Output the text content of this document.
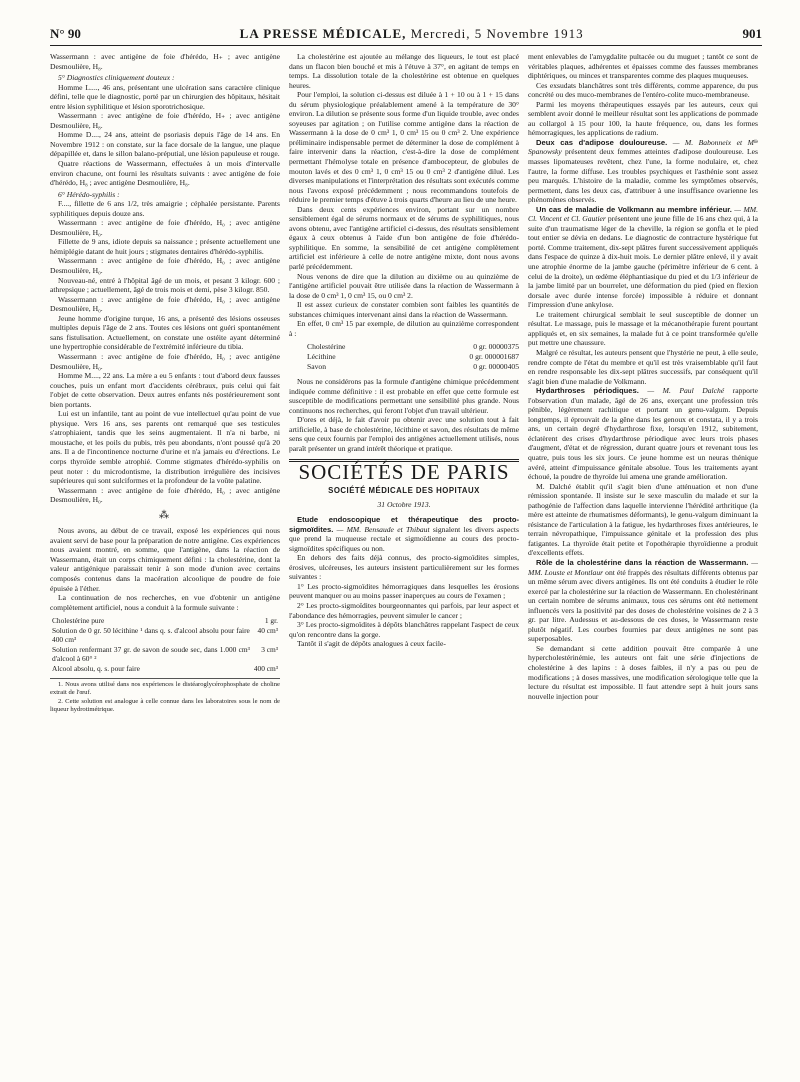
N° 90	LA PRESSE MÉDICALE, Mercredi, 5 Novembre 1913	901

Wassermann : avec antigène de foie d'hérédo, H₊ ; avec antigène Desmoulière, H₈.

5° Diagnostics cliniquement douteux :

Homme L...., 46 ans, présentant une ulcération sans caractère clinique défini, telle que le diagnostic, porté par un chirurgien des hôpitaux, hésitait entre lésion syphilitique et lésion sporotrichosique.

Wassermann : avec antigène de foie d'hérédo, H₊ ; avec antigène Desmoulière, H₈.

Homme D...., 24 ans, atteint de psoriasis depuis l'âge de 14 ans. En Novembre 1912 : on constate, sur la face dorsale de la langue, une plaque dépapillée et, dans le sillon balano-préputial, une lésion papuleuse et rouge.

Quatre réactions de Wassermann, effectuées à un mois d'intervalle environ chacune, ont fourni les résultats suivants : avec antigène de foie d'hérédo, H₈ ; avec antigène Desmoulière, H₈.

6° Hérédo-syphilis :

F...., fillette de 6 ans 1/2, très amaigrie ; céphalée persistante. Parents syphilitiques depuis douze ans.

Wassermann : avec antigène de foie d'hérédo, H₀ ; avec antigène Desmoulière, H₀.

Fillette de 9 ans, idiote depuis sa naissance ; présente actuellement une hémiplégie datant de huit jours ; stigmates dentaires d'hérédo-syphilis.

Wassermann : avec antigène de foie d'hérédo, H₀ ; avec antigène Desmoulière, H₀.

Nouveau-né, entré à l'hôpital âgé de un mois, et pesant 3 kilogr. 600 ; athrepsique ; actuellement, âgé de trois mois et demi, pèse 3 kilogr. 850.

Wassermann : avec antigène de foie d'hérédo, H₀ ; avec antigène Desmoulière, H₀.

Jeune homme d'origine turque, 16 ans, a présenté des lésions osseuses multiples depuis l'âge de 2 ans. Toutes ces lésions ont guéri spontanément sans fistulisation. Actuellement, on constate une ostéite ayant déterminé une hypertrophie considérable de l'extrémité inférieure du tibia.

Wassermann : avec antigène de foie d'hérédo, H₀ ; avec antigène Desmoulière, H₀.

Homme M...., 22 ans. La mère a eu 5 enfants : tout d'abord deux fausses couches, puis un enfant mort d'accidents cérébraux, puis celui qui fait l'objet de cette observation. Deux autres enfants nés postérieurement sont bien portants.

Lui est un infantile, tant au point de vue intellectuel qu'au point de vue physique. Vers 16 ans, ses parents ont remarqué que ses testicules s'atrophiaient, tandis que les seins augmentaient. Il n'a ni barbe, ni moustache, et les poils du pubis, très peu abondants, n'ont poussé qu'à 20 ans. Il a de l'incontinence nocturne d'urine et n'a jamais eu d'érections. Le corps thyroïde semble atrophié. Comme stigmates d'hérédo-syphilis on peut noter : du microdontisme, la distribution irrégulière des incisives supérieures qui sont sulciformes et la profondeur de la voûte palatine.

Wassermann : avec antigène de foie d'hérédo, H₀ ; avec antigène Desmoulière, H₀.

⁂

Nous avons, au début de ce travail, exposé les expériences qui nous avaient servi de base pour la préparation de notre antigène. Ces expériences nous avaient montré, en somme, que l'antigène, dans la réaction de Wassermann, était un corps chimiquement défini : la cholestérine, dont la valeur antigénique paraissait tenir à son mode d'union avec certains composés contenus dans la macération alcoolique de poudre de foie épuisée à l'éther.

La continuation de nos recherches, en vue d'obtenir un antigène complètement artificiel, nous a conduit à la formule suivante :

Cholestérine pure	1 gr.
Solution de 0 gr. 50 lécithine ¹ dans q. s. d'alcool absolu pour faire 400 cm³	40 cm³
Solution renfermant 37 gr. de savon de soude sec, dans 1.000 cm³ d'alcool à 60° ²	3 cm³
Alcool absolu, q. s. pour faire	400 cm³

1. Nous avons utilisé dans nos expériences le distéaroglycérophosphate de choline extrait de l'œuf.

2. Cette solution est analogue à celle connue dans les laboratoires sous le nom de liqueur hydrotimétrique.

La cholestérine est ajoutée au mélange des liqueurs, le tout est placé dans un flacon bien bouché et mis à l'étuve à 37°, en agitant de temps en temps. La dissolution totale de la cholestérine est obtenue en quelques heures.

Pour l'emploi, la solution ci-dessus est diluée à 1 + 10 ou à 1 + 15 dans du sérum physiologique préalablement amené à la température de 30° environ. La dilution se présente sous forme d'un liquide trouble, avec ondes soyeuses par agitation ; on l'utilise comme antigène dans la réaction de Wassermann à la dose de 0 cm³ 1, 0 cm³ 15 ou 0 cm³ 2. Une expérience préliminaire indispensable permet de déterminer la dose de complément à faire intervenir dans la réaction, c'est-à-dire la dose de complément permettant l'hémolyse totale en présence d'ambocepteur, de globules de mouton lavés et des 0 cm³ 1, 0 cm³ 15 ou 0 cm³ 2 d'antigène dilué. Les diverses manipulations et l'interprétation des résultats sont exécutés comme nous l'avons exposé précédemment ; nous recommandons toutefois de réduire le premier temps d'étuve à trois quarts d'heure au lieu de une heure.

Dans deux cents expériences environ, portant sur un nombre sensiblement égal de sérums normaux et de sérums de syphilitiques, nous avons obtenu, avec l'antigène artificiel ci-dessus, des résultats sensiblement égaux à ceux obtenus à l'aide d'un bon antigène de foie d'hérédo-syphilitique. En somme, la sensibilité de cet antigène complètement artificiel est inférieure à celle de notre antigène mixte, dont nous avons parlé précédemment.

Nous venons de dire que la dilution au dixième ou au quinzième de l'antigène artificiel pouvait être utilisée dans la réaction de Wassermann à la dose de 0 cm³ 1, 0 cm³ 15, ou 0 cm³ 2.

Il est assez curieux de constater combien sont faibles les quantités de substances chimiques intervenant ainsi dans la réaction de Wassermann.

En effet, 0 cm³ 15 par exemple, de dilution au quinzième correspondent à :

Cholestérine	0 gr. 00000375
Lécithine	0 gr. 000001687
Savon	0 gr. 00000405

Nous ne considérons pas la formule d'antigène chimique précédemment indiquée comme définitive : il est probable en effet que cette formule est susceptible de modifications permettant une sensibilité plus grande. Nous continuons nos recherches, qui feront l'objet d'un travail ultérieur.

D'ores et déjà, le fait d'avoir pu obtenir avec une solution tout à fait artificielle, à base de cholestérine, lécithine et savon, des résultats de même sens que ceux fournis par l'emploi des antigènes actuellement utilisés, nous paraît présenter un grand intérêt théorique et pratique.

SOCIÉTÉS DE PARIS
SOCIÉTÉ MÉDICALE DES HOPITAUX
31 Octobre 1913.

Etude endoscopique et thérapeutique des procto-sigmoïdites. — MM. Bensaude et Thibaut signalent les divers aspects que prend la muqueuse rectale et sigmoïdienne au cours des procto-sigmoïdites spécifiques ou non.

En dehors des faits déjà connus, des procto-sigmoïdites simples, érosives, ulcéreuses, les auteurs insistent particulièrement sur les formes suivantes :

1° Les procto-sigmoïdites hémorragiques dans lesquelles les érosions peuvent manquer ou au moins passer inaperçues au cours de l'examen ;

2° Les procto-sigmoïdites bourgeonnantes qui parfois, par leur aspect et l'abondance des hémorragies, peuvent simuler le cancer ;

3° Les procto-sigmoïdites à dépôts blanchâtres rappelant l'aspect de ceux qu'on rencontre dans la gorge.

Tantôt il s'agit de dépôts analogues à ceux facile-

ment enlevables de l'amygdalite pultacée ou du muguet ; tantôt ce sont de véritables plaques, adhérentes et épaisses comme des fausses membranes diphtériques, ou minces et transparentes comme des plaques muqueuses.

Ces exsudats blanchâtres sont très différents, comme apparence, du pus concrété ou des muco-membranes de l'entéro-colite muco-membraneuse.

Parmi les moyens thérapeutiques essayés par les auteurs, ceux qui semblent avoir donné le meilleur résultat sont les applications de pommade au collargol à 15 pour 100, la haute fréquence, ou, dans les formes hémorragiques, les applications de radium.

Deux cas d'adipose douloureuse. — M. Babonneix et Mˡˡᵉ Spanowsky présentent deux femmes atteintes d'adipose douloureuse. Les masses lipomateuses revêtent, chez l'une, la forme nodulaire, et, chez l'autre, la forme diffuse. Les troubles psychiques et l'asthénie sont assez peu marqués. L'histoire de la maladie, comme les symptômes observés, permettent, dans les deux cas, d'attribuer à une insuffisance ovarienne les phénomènes observés.

Un cas de maladie de Volkmann au membre inférieur. — MM. Cl. Vincent et Cl. Gautier présentent une jeune fille de 16 ans chez qui, à la suite d'un traumatisme léger de la cheville, la région se gonfla et le pied tout entier se dévia en dedans. Le diagnostic de contracture hystérique fut porté. Comme traitement, dix-sept plâtres furent successivement appliqués dans l'espace de quinze à dix-huit mois. Le dernier plâtre enlevé, il y avait une atrophie énorme de la jambe gauche (périmètre inférieur de 6 cent. à celui de la droite), un œdème éléphantiasique du pied et du 1/3 inférieur de la jambe limité par un bourrelet, une déformation du pied (pied en flexion dorsale avec durée intense forcée) impossible à réduire et donnant l'impression d'une ankylose.

Le traitement chirurgical semblait le seul susceptible de donner un résultat. Le massage, puis le massage et la mécanothérapie furent pourtant appliqués et, en six semaines, la malade fut à ce point transformée qu'elle put mettre une chaussure.

Malgré ce résultat, les auteurs pensent que l'hystérie ne peut, à elle seule, rendre compte de l'état du membre et qu'il est très vraisemblable qu'il faut en rendre responsable les dix-sept plâtres successifs, par conséquent qu'il s'agit bien d'une maladie de Volkmann.

Hydarthroses périodiques. — M. Paul Dalché rapporte l'observation d'un malade, âgé de 26 ans, exerçant une profession très pénible, légèrement rachitique et portant un genu-valgum. Depuis longtemps, il éprouvait de la gêne dans les genoux et constata, il y a trois ans, un certain degré d'hydarthrose fixe, lorsqu'en 1912, subitement, éclatèrent des crises d'hydarthrose périodique avec leurs trois phases d'augment, d'état et de régression, durant quatre jours et revenant tous les quatre, puis tous les six jours. Ce jeune homme est un neuras thénique avéré, atteint d'impuissance génitale absolue. Tous les traitements ayant échoué, la poudre de thyroïde lui amena une grande amélioration.

M. Dalché établit qu'il s'agit bien d'une atténuation et non d'une rémission spontanée. Il insiste sur le sexe masculin du malade et sur la pathogénie de l'affection dans laquelle intervienne l'hérédité arthritique (la mère est atteinte de rhumatismes déformants), le genu-valgum diminuant la résistance de l'articulation à la fatigue, les hydarthroses fixes antérieures, le terrain névropathique, l'impuissance génitale et la profession des plus fatigantes. La thyroïde était petite et l'opothérapie thyroïdienne a produit d'excellents effets.

Rôle de la cholestérine dans la réaction de Wassermann. — MM. Louste et Montlaur ont été frappés des résultats différents obtenus par un même sérum avec divers antigènes. Ils ont été conduits à étudier le rôle exercé par la cholestérine sur la réaction de Wassermann. En cholestérinant un certain nombre de sérums animaux, tous ces sérums ont été nettement influencés vers la positivité par des doses de cholestérine voisines de 2 à 3 gr. par litre. Audessus et au-dessous de ces doses, le Wassermann reste plutôt négatif. Les courbes fournies par deux antigènes ne sont pas superposables.

Se demandant si cette addition pouvait être comparée à une hypercholestérinémie, les auteurs ont fait une série d'injections de cholestérine à des lapins : à doses faibles, il n'y a pas ou peu de modifications ; à doses massives, une modification sérologique telle que la lecture du résultat est impossible. Il faut attendre sept à huit jours sans nouvelle injection pour
